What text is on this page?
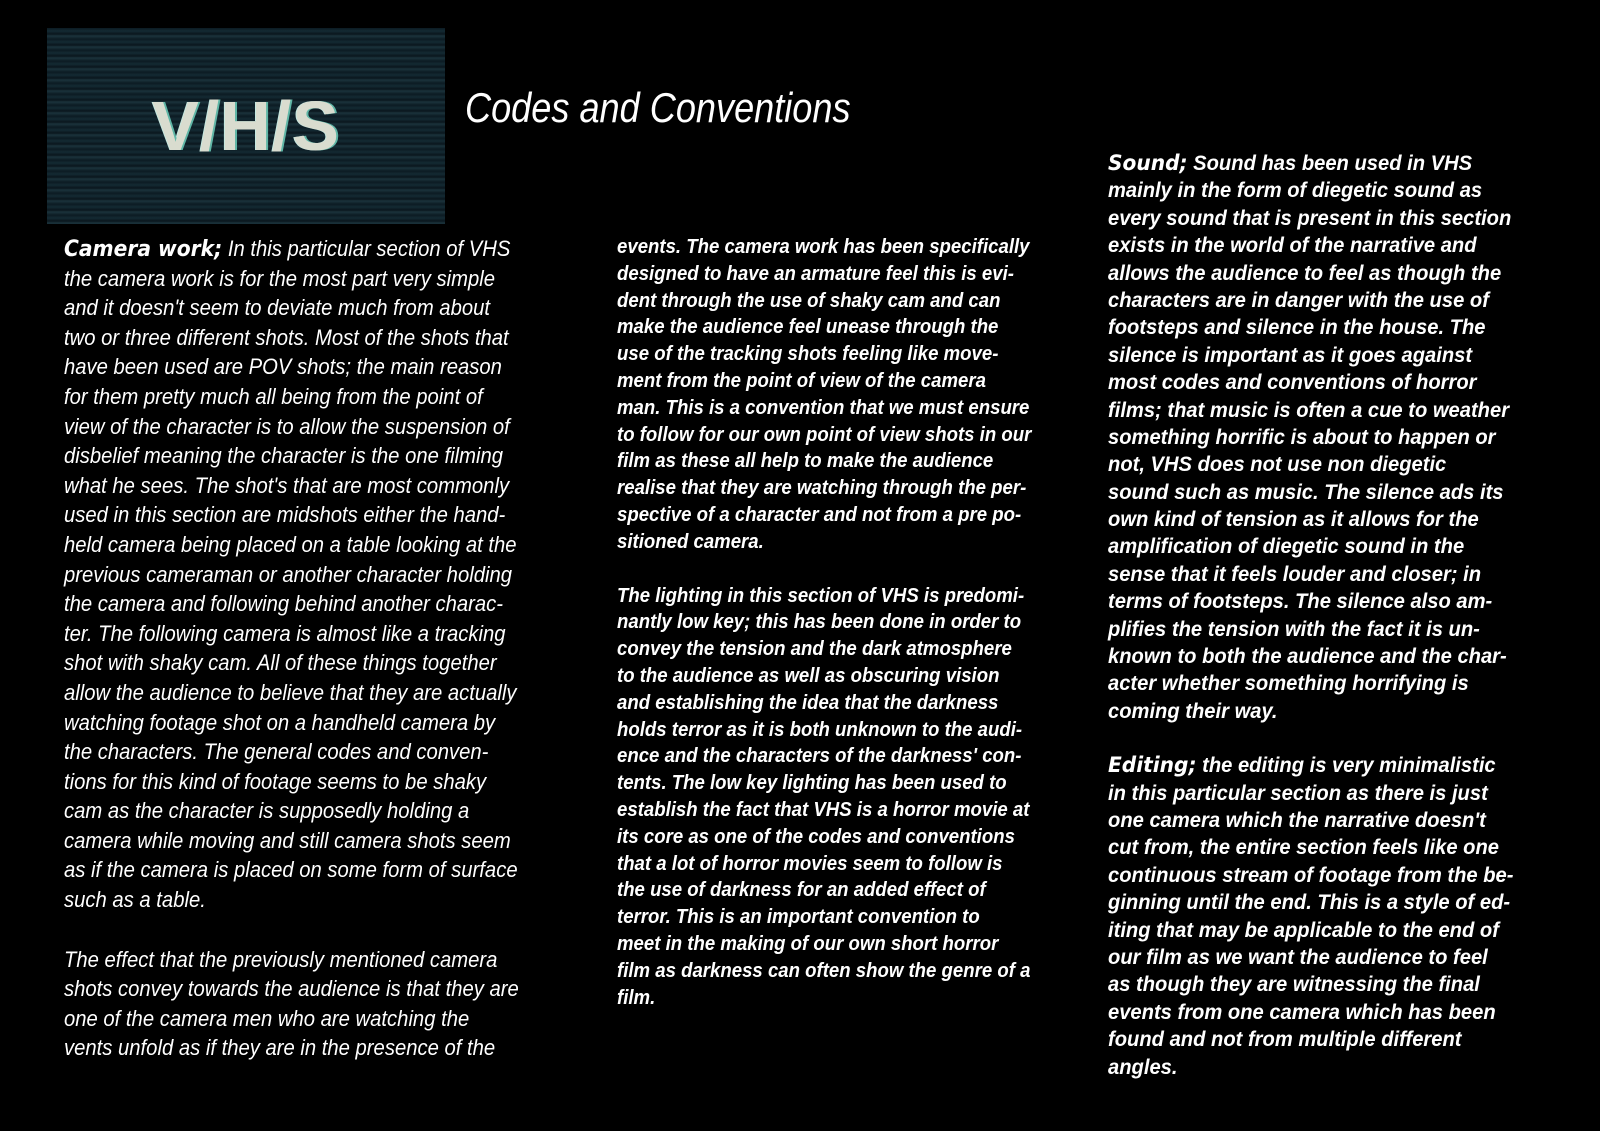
V/H/S	Codes and Conventions
Camera work; In this particular section of VHS
the camera work is for the most part very simple
and it doesn't seem to deviate much from about
two or three different shots. Most of the shots that
have been used are POV shots; the main reason
for them pretty much all being from the point of
view of the character is to allow the suspension of
disbelief meaning the character is the one filming
what he sees. The shot's that are most commonly
used in this section are midshots either the hand-
held camera being placed on a table looking at the
previous cameraman or another character holding
the camera and following behind another charac-
ter. The following camera is almost like a tracking
shot with shaky cam. All of these things together
allow the audience to believe that they are actually
watching footage shot on a handheld camera by
the characters. The general codes and conven-
tions for this kind of footage seems to be shaky
cam as the character is supposedly holding a
camera while moving and still camera shots seem
as if the camera is placed on some form of surface
such as a table.
The effect that the previously mentioned camera
shots convey towards the audience is that they are
one of the camera men who are watching the
vents unfold as if they are in the presence of the
events. The camera work has been specifically
designed to have an armature feel this is evi-
dent through the use of shaky cam and can
make the audience feel unease through the
use of the tracking shots feeling like move-
ment from the point of view of the camera
man. This is a convention that we must ensure
to follow for our own point of view shots in our
film as these all help to make the audience
realise that they are watching through the per-
spective of a character and not from a pre po-
sitioned camera.
The lighting in this section of VHS is predomi-
nantly low key; this has been done in order to
convey the tension and the dark atmosphere
to the audience as well as obscuring vision
and establishing the idea that the darkness
holds terror as it is both unknown to the audi-
ence and the characters of the darkness' con-
tents. The low key lighting has been used to
establish the fact that VHS is a horror movie at
its core as one of the codes and conventions
that a lot of horror movies seem to follow is
the use of darkness for an added effect of
terror. This is an important convention to
meet in the making of our own short horror
film as darkness can often show the genre of a
film.
Sound; Sound has been used in VHS
mainly in the form of diegetic sound as
every sound that is present in this section
exists in the world of the narrative and
allows the audience to feel as though the
characters are in danger with the use of
footsteps and silence in the house. The
silence is important as it goes against
most codes and conventions of horror
films; that music is often a cue to weather
something horrific is about to happen or
not, VHS does not use non diegetic
sound such as music. The silence ads its
own kind of tension as it allows for the
amplification of diegetic sound in the
sense that it feels louder and closer; in
terms of footsteps. The silence also am-
plifies the tension with the fact it is un-
known to both the audience and the char-
acter whether something horrifying is
coming their way.
Editing; the editing is very minimalistic
in this particular section as there is just
one camera which the narrative doesn't
cut from, the entire section feels like one
continuous stream of footage from the be-
ginning until the end. This is a style of ed-
iting that may be applicable to the end of
our film as we want the audience to feel
as though they are witnessing the final
events from one camera which has been
found and not from multiple different
angles.
